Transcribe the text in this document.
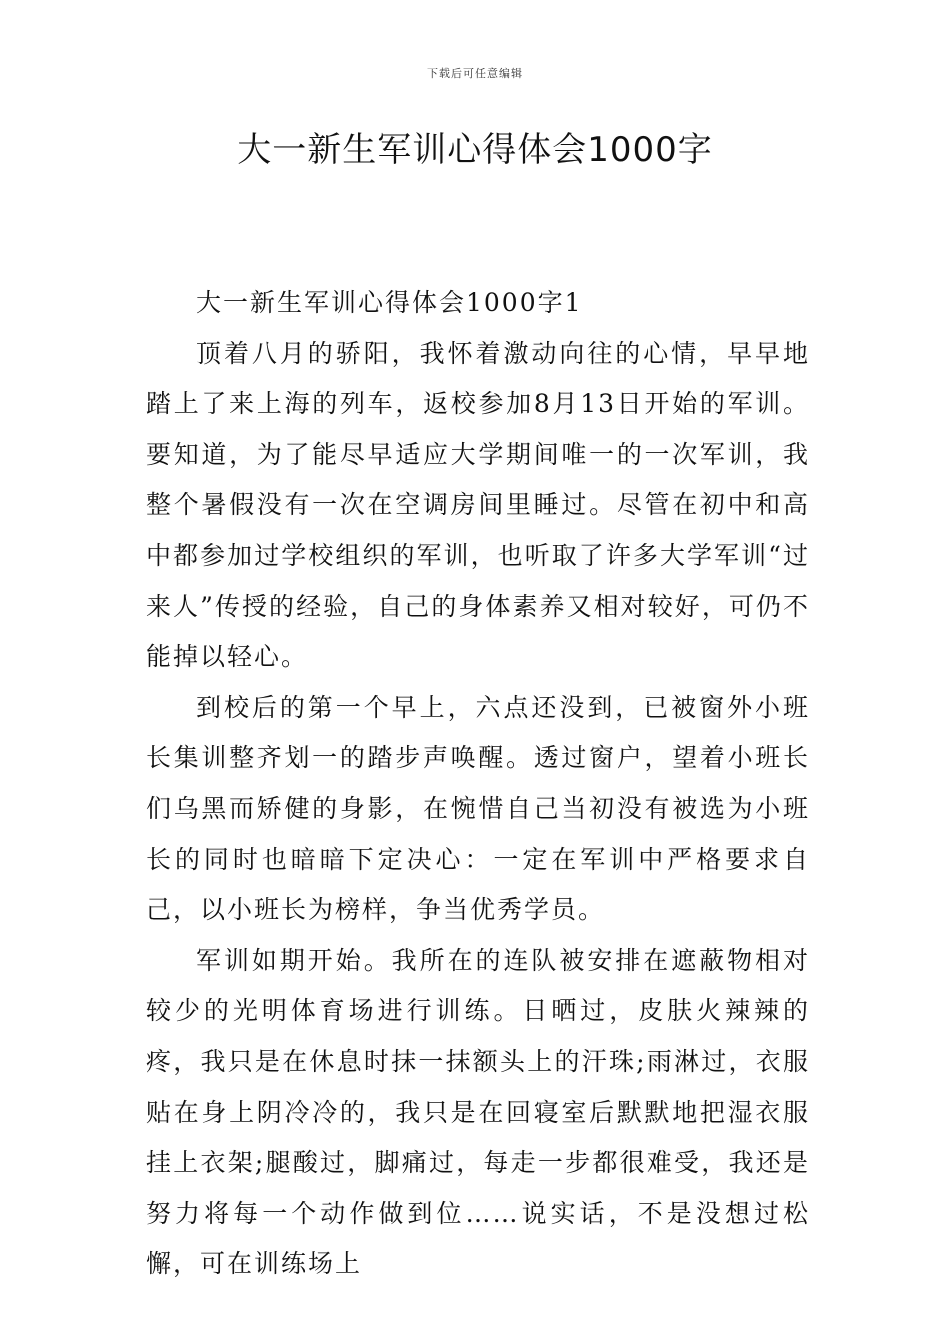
下载后可任意编辑
大一新生军训心得体会1000字

大一新生军训心得体会1000字1

顶着八月的骄阳，我怀着激动向往的心情，早早地踏上了来上海的列车，返校参加8月13日开始的军训。要知道，为了能尽早适应大学期间唯一的一次军训，我整个暑假没有一次在空调房间里睡过。尽管在初中和高中都参加过学校组织的军训，也听取了许多大学军训“过来人”传授的经验，自己的身体素养又相对较好，可仍不能掉以轻心。

到校后的第一个早上，六点还没到，已被窗外小班长集训整齐划一的踏步声唤醒。透过窗户，望着小班长们乌黑而矫健的身影，在惋惜自己当初没有被选为小班长的同时也暗暗下定决心：一定在军训中严格要求自己，以小班长为榜样，争当优秀学员。

军训如期开始。我所在的连队被安排在遮蔽物相对较少的光明体育场进行训练。日晒过，皮肤火辣辣的疼，我只是在休息时抹一抹额头上的汗珠;雨淋过，衣服贴在身上阴冷冷的，我只是在回寝室后默默地把湿衣服挂上衣架;腿酸过，脚痛过，每走一步都很难受，我还是努力将每一个动作做到位……说实话，不是没想过松懈，可在训练场上
